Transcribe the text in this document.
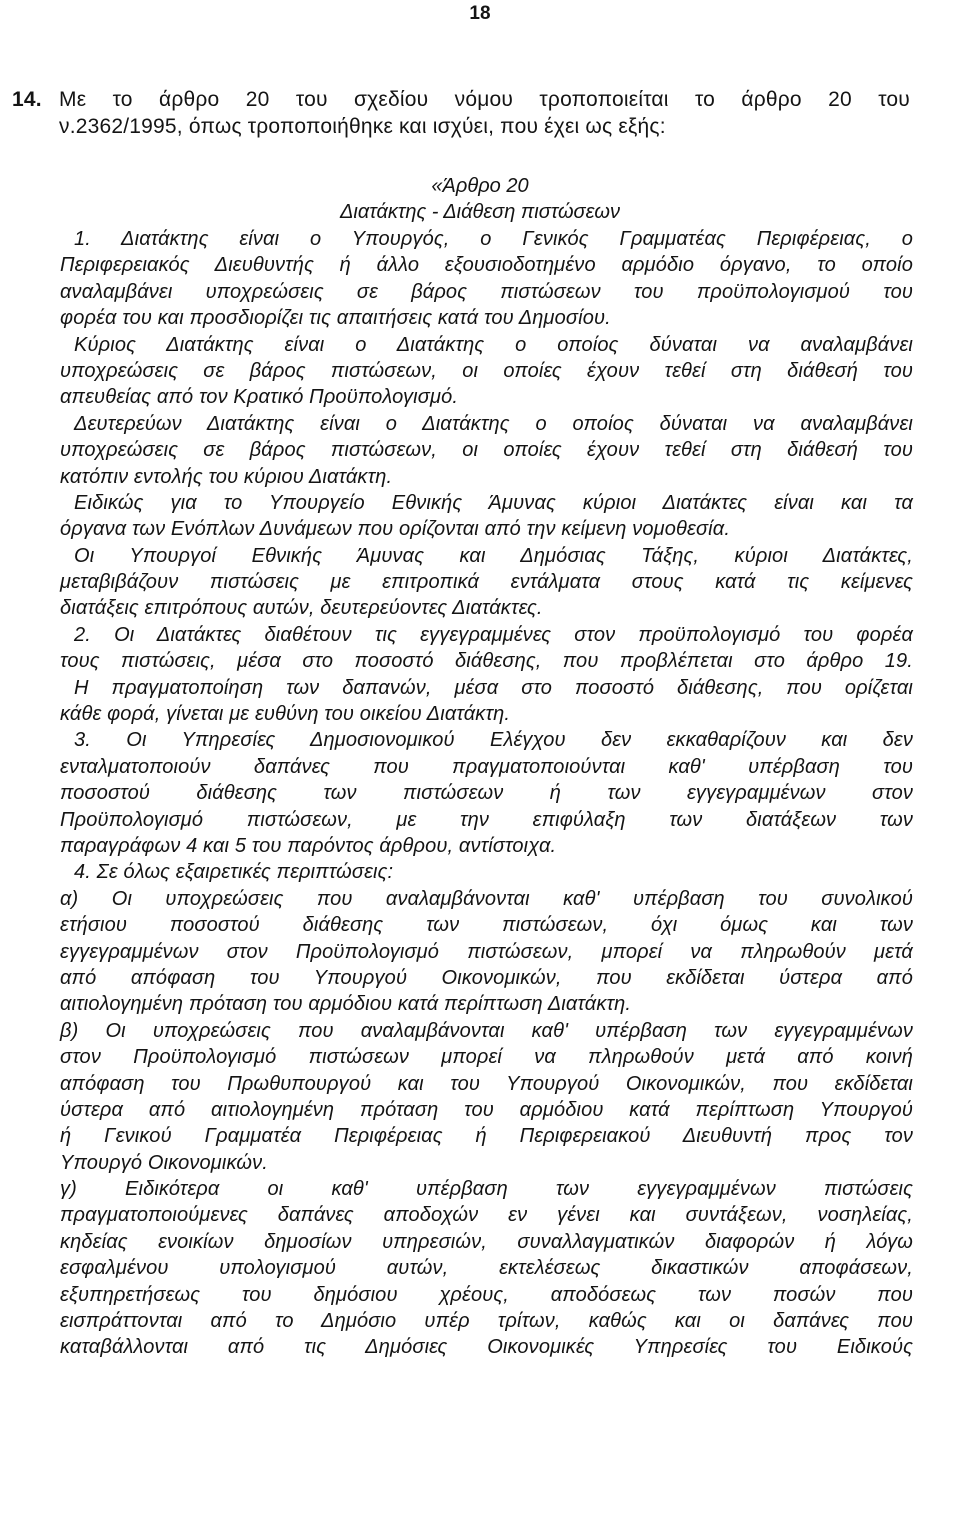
18
14. Με το άρθρο 20 του σχεδίου νόμου τροποποιείται το άρθρο 20 του
ν.2362/1995, όπως τροποποιήθηκε και ισχύει, που έχει ως εξής:
«Άρθρο 20
Διατάκτης - Διάθεση πιστώσεων
1. Διατάκτης είναι ο Υπουργός, ο Γενικός Γραμματέας Περιφέρειας, ο
Περιφερειακός Διευθυντής ή άλλο εξουσιοδοτημένο αρμόδιο όργανο, το οποίο
αναλαμβάνει υποχρεώσεις σε βάρος πιστώσεων του προϋπολογισμού του
φορέα του και προσδιορίζει τις απαιτήσεις κατά του Δημοσίου.
Κύριος Διατάκτης είναι ο Διατάκτης ο οποίος δύναται να αναλαμβάνει
υποχρεώσεις σε βάρος πιστώσεων, οι οποίες έχουν τεθεί στη διάθεσή του
απευθείας από τον Κρατικό Προϋπολογισμό.
Δευτερεύων Διατάκτης είναι ο Διατάκτης ο οποίος δύναται να αναλαμβάνει
υποχρεώσεις σε βάρος πιστώσεων, οι οποίες έχουν τεθεί στη διάθεσή του
κατόπιν εντολής του κύριου Διατάκτη.
Ειδικώς για το Υπουργείο Εθνικής Άμυνας κύριοι Διατάκτες είναι και τα
όργανα των Ενόπλων Δυνάμεων που ορίζονται από την κείμενη νομοθεσία.
Οι Υπουργοί Εθνικής Άμυνας και Δημόσιας Τάξης, κύριοι Διατάκτες,
μεταβιβάζουν πιστώσεις με επιτροπικά εντάλματα στους κατά τις κείμενες
διατάξεις επιτρόπους αυτών, δευτερεύοντες Διατάκτες.
2. Οι Διατάκτες διαθέτουν τις εγγεγραμμένες στον προϋπολογισμό του φορέα
τους πιστώσεις, μέσα στο ποσοστό διάθεσης, που προβλέπεται στο άρθρο 19.
Η πραγματοποίηση των δαπανών, μέσα στο ποσοστό διάθεσης, που ορίζεται
κάθε φορά, γίνεται με ευθύνη του οικείου Διατάκτη.
3. Οι Υπηρεσίες Δημοσιονομικού Ελέγχου δεν εκκαθαρίζουν και δεν
ενταλματοποιούν δαπάνες που πραγματοποιούνται καθ' υπέρβαση του
ποσοστού διάθεσης των πιστώσεων ή των εγγεγραμμένων στον
Προϋπολογισμό πιστώσεων, με την επιφύλαξη των διατάξεων των
παραγράφων 4 και 5 του παρόντος άρθρου, αντίστοιχα.
4. Σε όλως εξαιρετικές περιπτώσεις:
α) Οι υποχρεώσεις που αναλαμβάνονται καθ' υπέρβαση του συνολικού
ετήσιου ποσοστού διάθεσης των πιστώσεων, όχι όμως και των
εγγεγραμμένων στον Προϋπολογισμό πιστώσεων, μπορεί να πληρωθούν μετά
από απόφαση του Υπουργού Οικονομικών, που εκδίδεται ύστερα από
αιτιολογημένη πρόταση του αρμόδιου κατά περίπτωση Διατάκτη.
β) Οι υποχρεώσεις που αναλαμβάνονται καθ' υπέρβαση των εγγεγραμμένων
στον Προϋπολογισμό πιστώσεων μπορεί να πληρωθούν μετά από κοινή
απόφαση του Πρωθυπουργού και του Υπουργού Οικονομικών, που εκδίδεται
ύστερα από αιτιολογημένη πρόταση του αρμόδιου κατά περίπτωση Υπουργού
ή Γενικού Γραμματέα Περιφέρειας ή Περιφερειακού Διευθυντή προς τον
Υπουργό Οικονομικών.
γ) Ειδικότερα οι καθ' υπέρβαση των εγγεγραμμένων πιστώσεις
πραγματοποιούμενες δαπάνες αποδοχών εν γένει και συντάξεων, νοσηλείας,
κηδείας ενοικίων δημοσίων υπηρεσιών, συναλλαγματικών διαφορών ή λόγω
εσφαλμένου υπολογισμού αυτών, εκτελέσεως δικαστικών αποφάσεων,
εξυπηρετήσεως του δημόσιου χρέους, αποδόσεως των ποσών που
εισπράττονται από το Δημόσιο υπέρ τρίτων, καθώς και οι δαπάνες που
καταβάλλονται από τις Δημόσιες Οικονομικές Υπηρεσίες του Ειδικούς
